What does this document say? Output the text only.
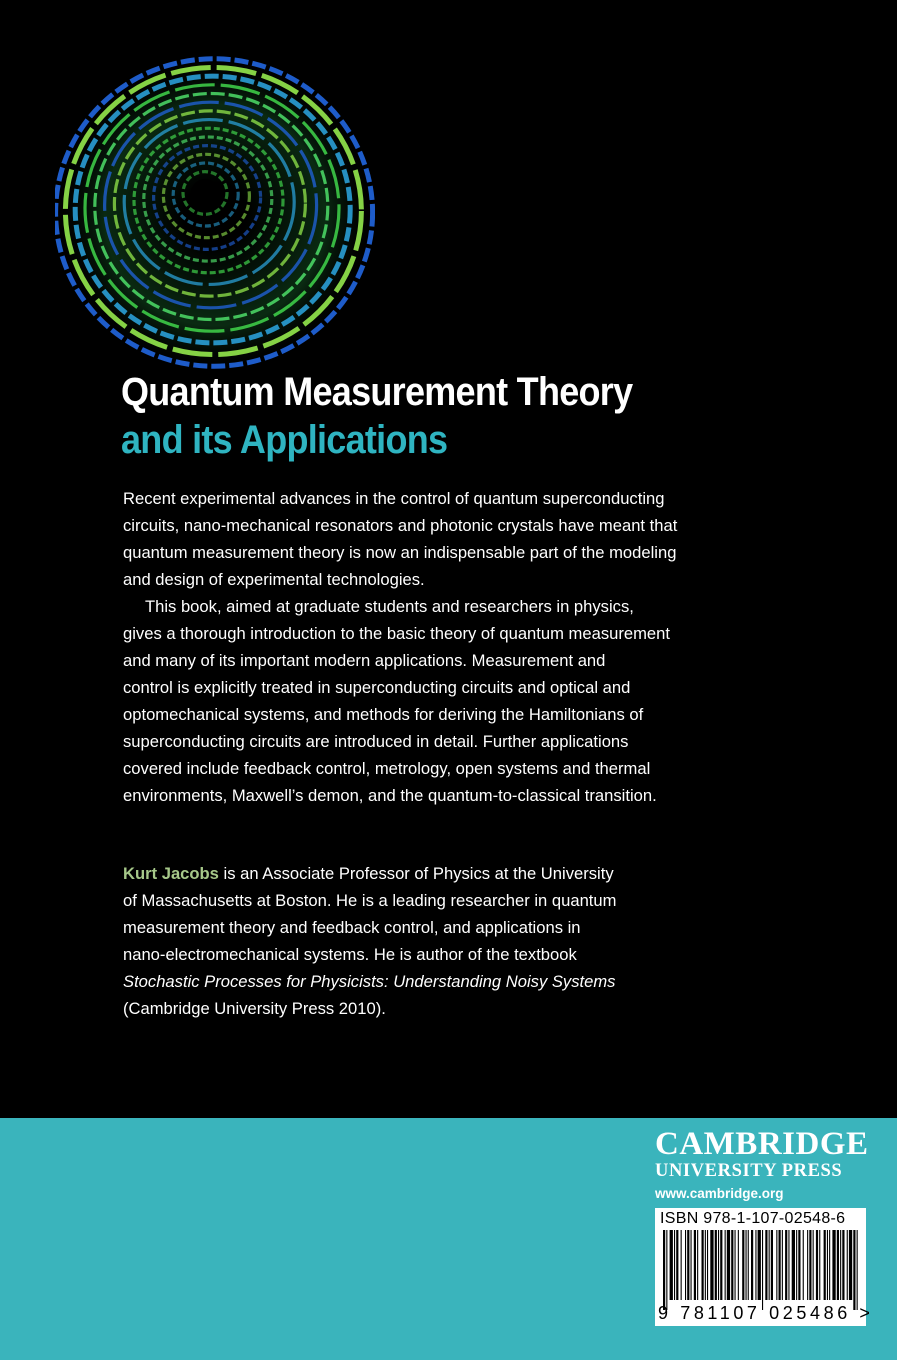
Quantum Measurement Theory
and its Applications

Recent experimental advances in the control of quantum superconducting
circuits, nano-mechanical resonators and photonic crystals have meant that
quantum measurement theory is now an indispensable part of the modeling
and design of experimental technologies.

This book, aimed at graduate students and researchers in physics,
gives a thorough introduction to the basic theory of quantum measurement
and many of its important modern applications. Measurement and
control is explicitly treated in superconducting circuits and optical and
optomechanical systems, and methods for deriving the Hamiltonians of
superconducting circuits are introduced in detail. Further applications
covered include feedback control, metrology, open systems and thermal
environments, Maxwell’s demon, and the quantum-to-classical transition.

Kurt Jacobs is an Associate Professor of Physics at the University
of Massachusetts at Boston. He is a leading researcher in quantum
measurement theory and feedback control, and applications in
nano-electromechanical systems. He is author of the textbook
Stochastic Processes for Physicists: Understanding Noisy Systems
(Cambridge University Press 2010).

CAMBRIDGE
UNIVERSITY PRESS
www.cambridge.org
ISBN 978-1-107-02548-6
9 781107 025486 >
